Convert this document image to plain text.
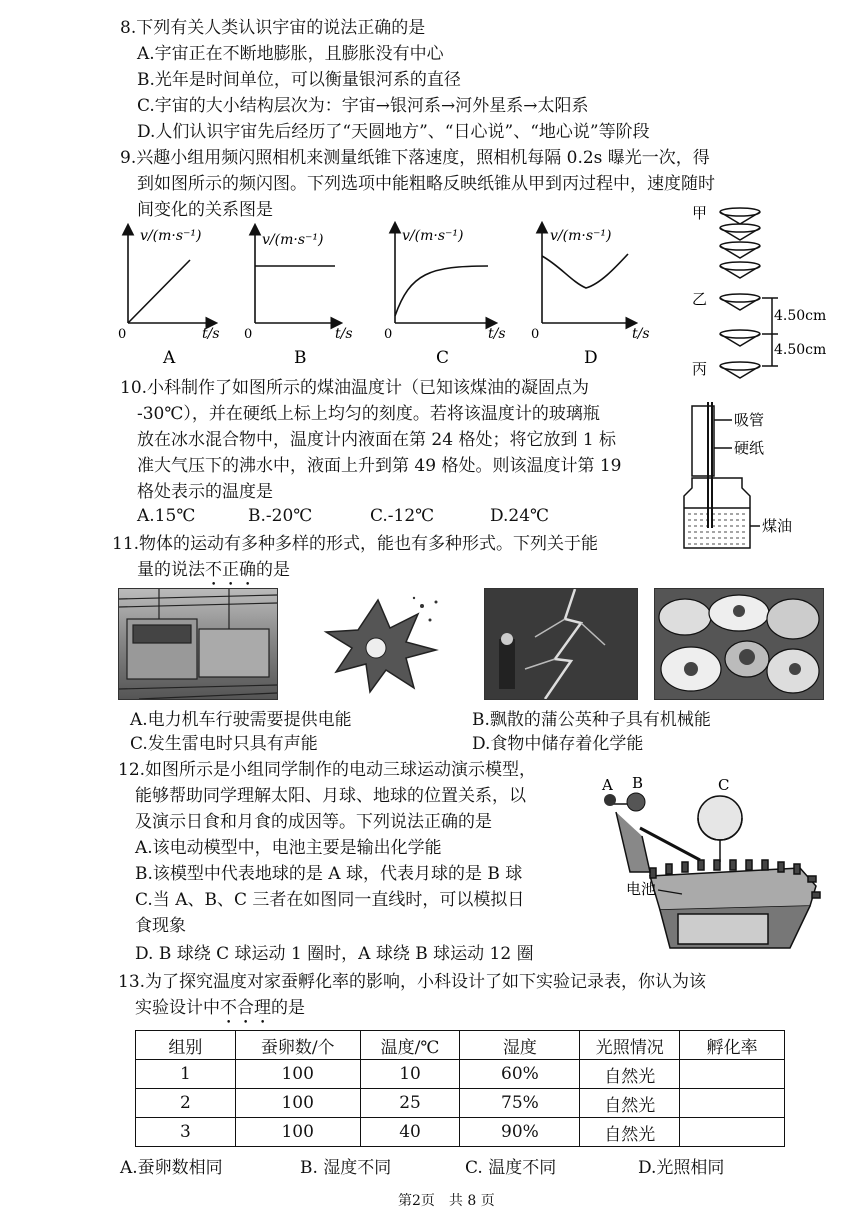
8.下列有关人类认识宇宙的说法正确的是
A.宇宙正在不断地膨胀，且膨胀没有中心
B.光年是时间单位，可以衡量银河系的直径
C.宇宙的大小结构层次为：宇宙→银河系→河外星系→太阳系
D.人们认识宇宙先后经历了“天圆地方”、“日心说”、“地心说”等阶段
9.兴趣小组用频闪照相机来测量纸锥下落速度，照相机每隔 0.2s 曝光一次，得
到如图所示的频闪图。下列选项中能粗略反映纸锥从甲到丙过程中，速度随时
间变化的关系图是
v/(m·s⁻¹)
t/s
0
A
v/(m·s⁻¹)
t/s
0
B
v/(m·s⁻¹)
t/s
0
C
v/(m·s⁻¹)
t/s
0
D
甲
乙
丙
4.50cm
4.50cm
10.小科制作了如图所示的煤油温度计（已知该煤油的凝固点为
-30℃），并在硬纸上标上均匀的刻度。若将该温度计的玻璃瓶
放在冰水混合物中，温度计内液面在第 24 格处；将它放到 1 标
准大气压下的沸水中，液面上升到第 49 格处。则该温度计第 19
格处表示的温度是
A.15℃	B.-20℃	C.-12℃	D.24℃
吸管
硬纸
煤油
11.物体的运动有多种多样的形式，能也有多种形式。下列关于能
量的说法不正确的是
A.电力机车行驶需要提供电能	B.飘散的蒲公英种子具有机械能
C.发生雷电时只具有声能	D.食物中储存着化学能
12.如图所示是小组同学制作的电动三球运动演示模型，
能够帮助同学理解太阳、月球、地球的位置关系，以
及演示日食和月食的成因等。下列说法正确的是
A.该电动模型中，电池主要是输出化学能
B.该模型中代表地球的是 A 球，代表月球的是 B 球
C.当 A、B、C 三者在如图同一直线时，可以模拟日
食现象
D. B 球绕 C 球运动 1 圈时，A 球绕 B 球运动 12 圈
A B	C
电池
13.为了探究温度对家蚕孵化率的影响，小科设计了如下实验记录表，你认为该
实验设计中不合理的是
组别	蚕卵数/个	温度/℃	湿度	光照情况	孵化率
1	100	10	60%	自然光	
2	100	25	75%	自然光	
3	100	40	90%	自然光	
A.蚕卵数相同	B. 湿度不同	C. 温度不同	D.光照相同
第2页　共 8 页
